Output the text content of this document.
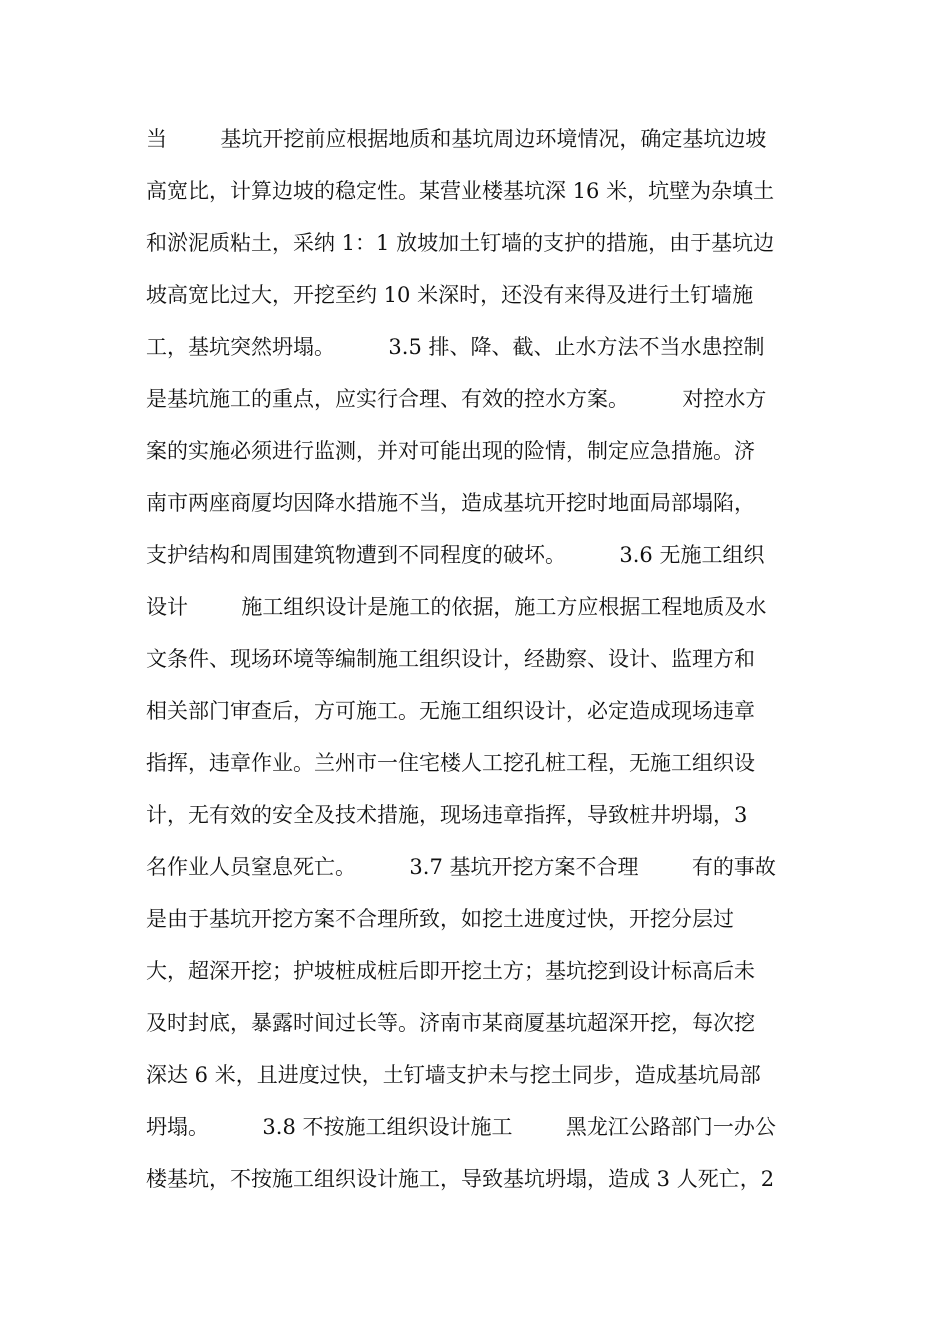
当        基坑开挖前应根据地质和基坑周边环境情况，确定基坑边坡
高宽比，计算边坡的稳定性。某营业楼基坑深 16 米，坑壁为杂填土
和淤泥质粘土，采纳 1：1 放坡加土钉墙的支护的措施，由于基坑边
坡高宽比过大，开挖至约 10 米深时，还没有来得及进行土钉墙施
工，基坑突然坍塌。        3.5 排、降、截、止水方法不当水患控制
是基坑施工的重点，应实行合理、有效的控水方案。        对控水方
案的实施必须进行监测，并对可能出现的险情，制定应急措施。济
南市两座商厦均因降水措施不当，造成基坑开挖时地面局部塌陷，
支护结构和周围建筑物遭到不同程度的破坏。        3.6 无施工组织
设计        施工组织设计是施工的依据，施工方应根据工程地质及水
文条件、现场环境等编制施工组织设计，经勘察、设计、监理方和
相关部门审查后，方可施工。无施工组织设计，必定造成现场违章
指挥，违章作业。兰州市一住宅楼人工挖孔桩工程，无施工组织设
计，无有效的安全及技术措施，现场违章指挥，导致桩井坍塌，3
名作业人员窒息死亡。        3.7 基坑开挖方案不合理        有的事故
是由于基坑开挖方案不合理所致，如挖土进度过快，开挖分层过
大，超深开挖；护坡桩成桩后即开挖土方；基坑挖到设计标高后未
及时封底，暴露时间过长等。济南市某商厦基坑超深开挖，每次挖
深达 6 米，且进度过快，土钉墙支护未与挖土同步，造成基坑局部
坍塌。        3.8 不按施工组织设计施工        黑龙江公路部门一办公
楼基坑，不按施工组织设计施工，导致基坑坍塌，造成 3 人死亡，2
